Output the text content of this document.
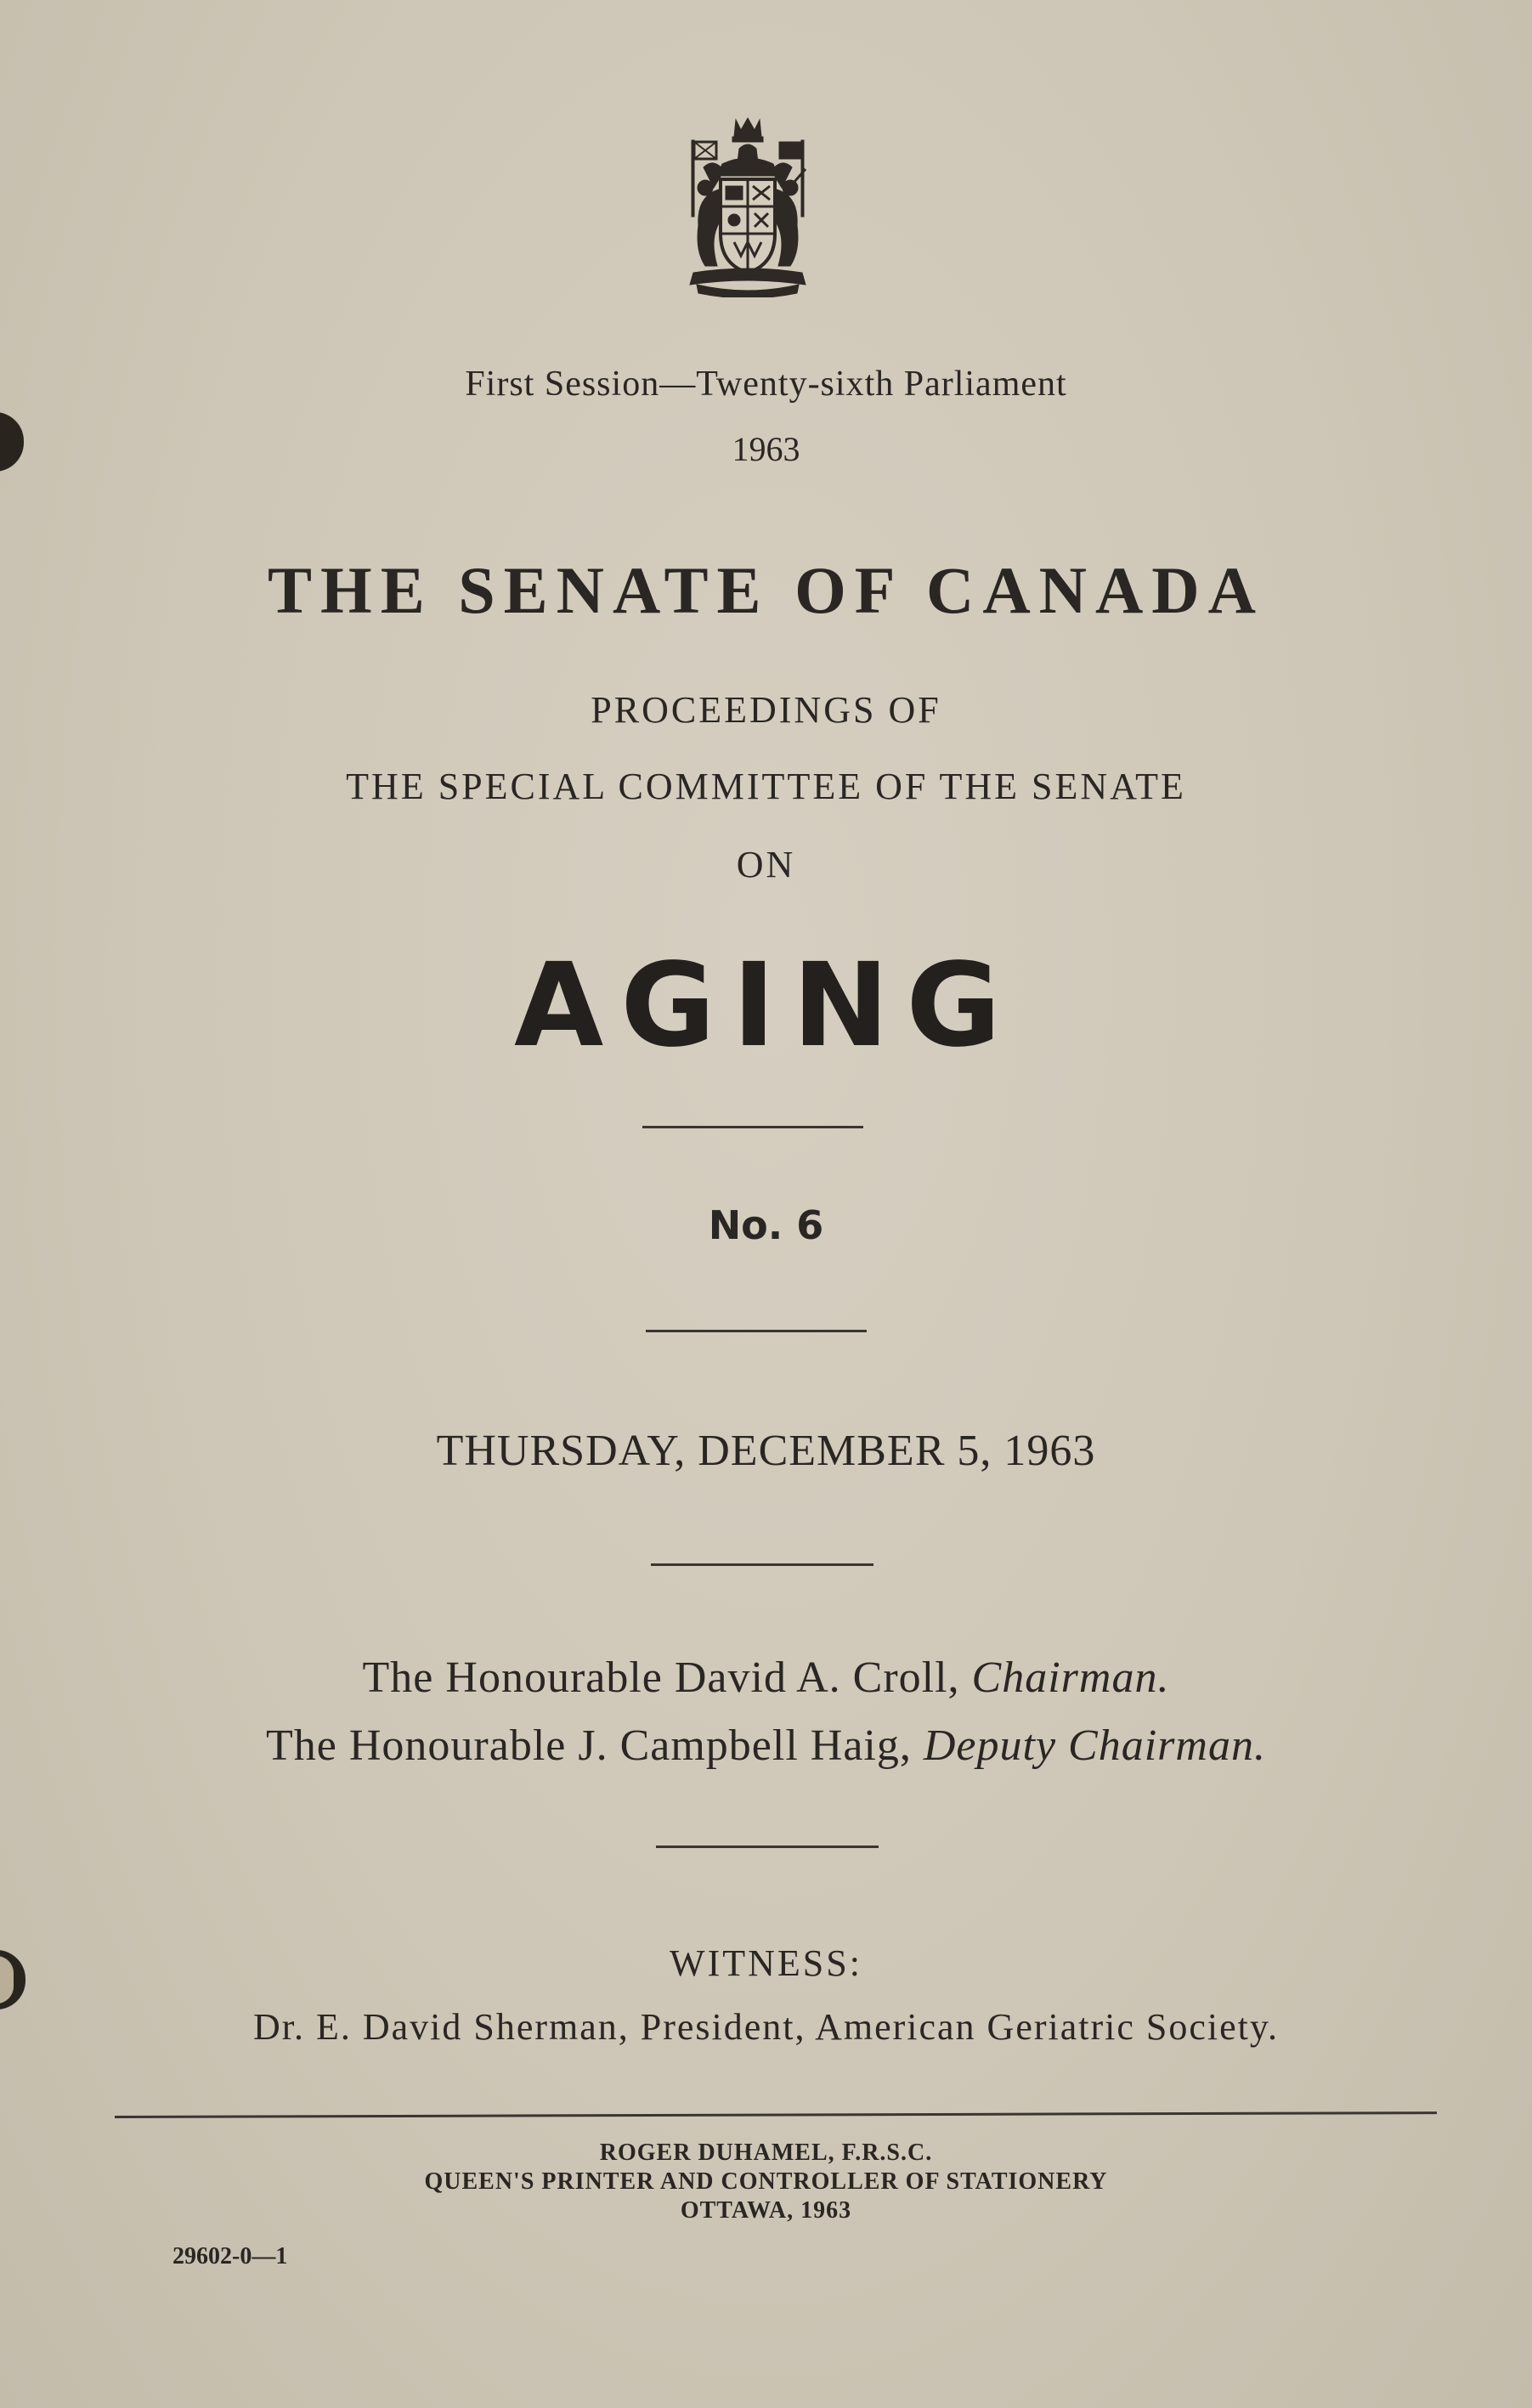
First Session—Twenty-sixth Parliament
1963
THE SENATE OF CANADA
PROCEEDINGS OF
THE SPECIAL COMMITTEE OF THE SENATE
ON
AGING
No. 6
THURSDAY, DECEMBER 5, 1963
The Honourable David A. Croll, Chairman.
The Honourable J. Campbell Haig, Deputy Chairman.
WITNESS:
Dr. E. David Sherman, President, American Geriatric Society.
ROGER DUHAMEL, F.R.S.C.
QUEEN'S PRINTER AND CONTROLLER OF STATIONERY
OTTAWA, 1963
29602-0—1
